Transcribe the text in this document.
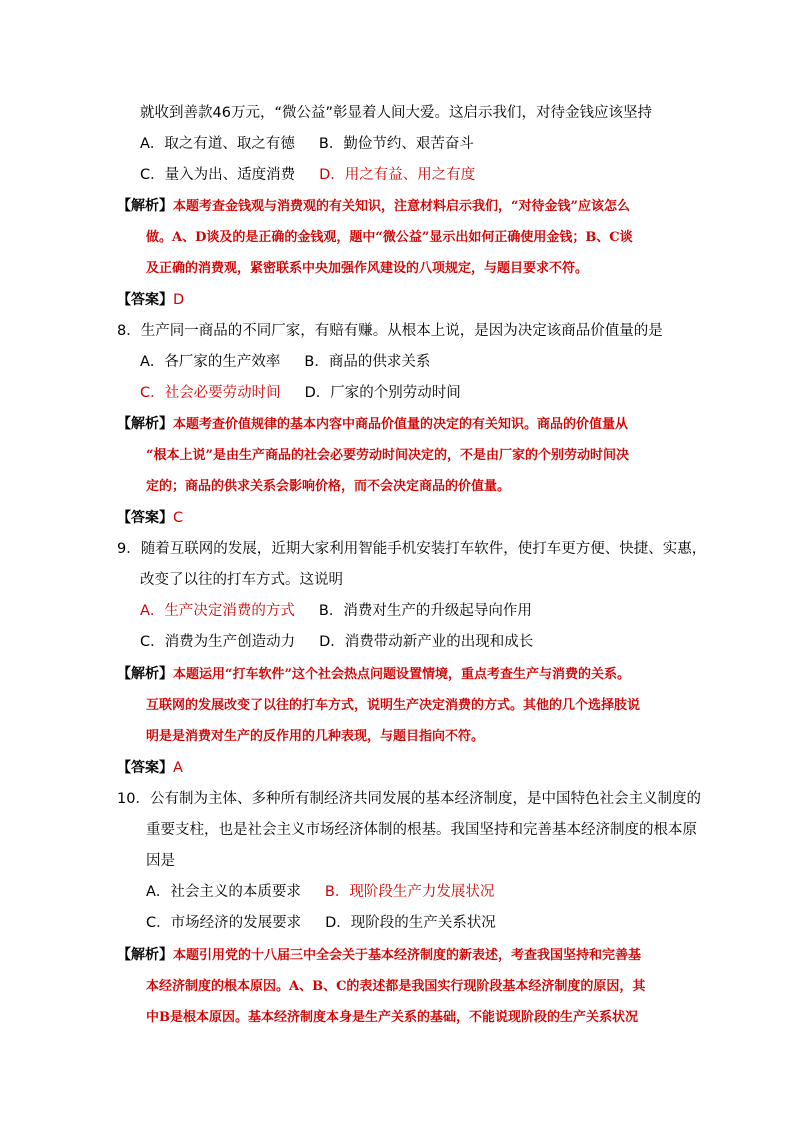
就收到善款46万元，“微公益”彰显着人间大爱。这启示我们，对待金钱应该坚持
A．取之有道、取之有德 B．勤俭节约、艰苦奋斗
C．量入为出、适度消费 D．用之有益、用之有度
【解析】本题考查金钱观与消费观的有关知识，注意材料启示我们，“对待金钱”应该怎么
做。A、D谈及的是正确的金钱观，题中“微公益”显示出如何正确使用金钱；B、C谈
及正确的消费观，紧密联系中央加强作风建设的八项规定，与题目要求不符。
【答案】D
8．生产同一商品的不同厂家，有赔有赚。从根本上说，是因为决定该商品价值量的是
A．各厂家的生产效率 B．商品的供求关系
C．社会必要劳动时间 D．厂家的个别劳动时间
【解析】本题考查价值规律的基本内容中商品价值量的决定的有关知识。商品的价值量从
“根本上说”是由生产商品的社会必要劳动时间决定的，不是由厂家的个别劳动时间决
定的；商品的供求关系会影响价格，而不会决定商品的价值量。
【答案】C
9．随着互联网的发展，近期大家利用智能手机安装打车软件，使打车更方便、快捷、实惠，
改变了以往的打车方式。这说明
A．生产决定消费的方式 B．消费对生产的升级起导向作用
C．消费为生产创造动力 D．消费带动新产业的出现和成长
【解析】本题运用“打车软件”这个社会热点问题设置情境，重点考查生产与消费的关系。
互联网的发展改变了以往的打车方式，说明生产决定消费的方式。其他的几个选择肢说
明是是消费对生产的反作用的几种表现，与题目指向不符。
【答案】A
10．公有制为主体、多种所有制经济共同发展的基本经济制度，是中国特色社会主义制度的
重要支柱，也是社会主义市场经济体制的根基。我国坚持和完善基本经济制度的根本原
因是
A．社会主义的本质要求 B．现阶段生产力发展状况
C．市场经济的发展要求 D．现阶段的生产关系状况
【解析】本题引用党的十八届三中全会关于基本经济制度的新表述，考查我国坚持和完善基
本经济制度的根本原因。A、B、C的表述都是我国实行现阶段基本经济制度的原因，其
中B是根本原因。基本经济制度本身是生产关系的基础，不能说现阶段的生产关系状况
